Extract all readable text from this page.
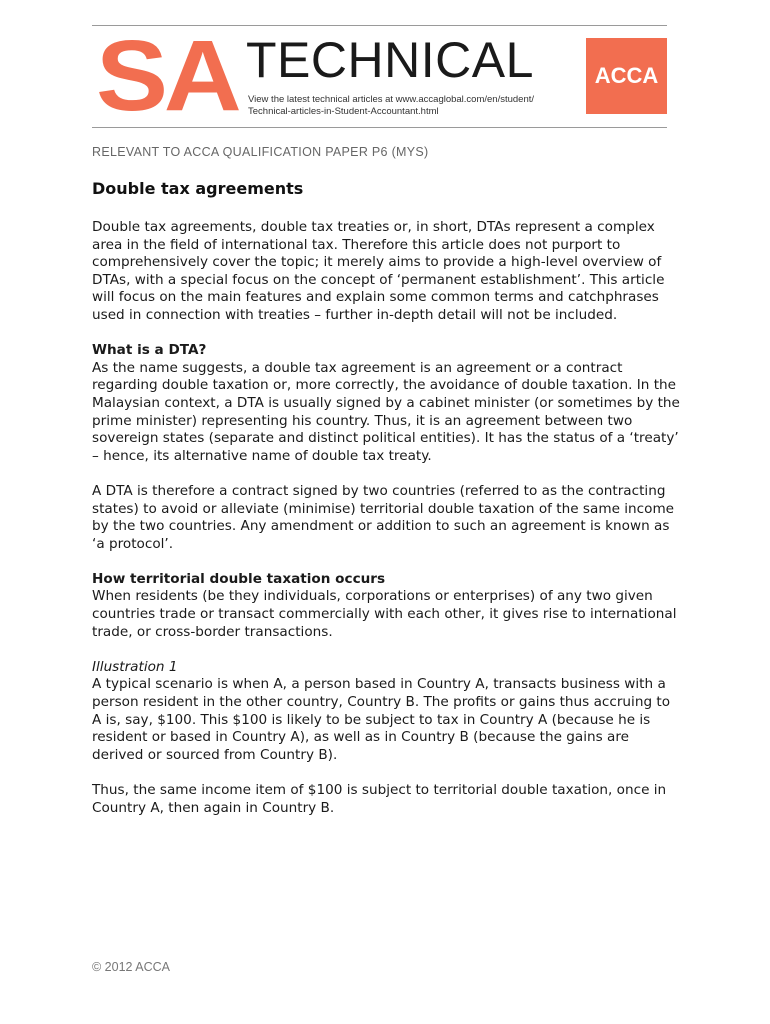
SA TECHNICAL
View the latest technical articles at www.accaglobal.com/en/student/ Technical-articles-in-Student-Accountant.html
ACCA
RELEVANT TO ACCA QUALIFICATION PAPER P6 (MYS)
Double tax agreements

Double tax agreements, double tax treaties or, in short, DTAs represent a complex area in the field of international tax. Therefore this article does not purport to comprehensively cover the topic; it merely aims to provide a high-level overview of DTAs, with a special focus on the concept of ‘permanent establishment’. This article will focus on the main features and explain some common terms and catchphrases used in connection with treaties – further in-depth detail will not be included.

What is a DTA?

As the name suggests, a double tax agreement is an agreement or a contract regarding double taxation or, more correctly, the avoidance of double taxation. In the Malaysian context, a DTA is usually signed by a cabinet minister (or sometimes by the prime minister) representing his country. Thus, it is an agreement between two sovereign states (separate and distinct political entities). It has the status of a ‘treaty’ – hence, its alternative name of double tax treaty.

A DTA is therefore a contract signed by two countries (referred to as the contracting states) to avoid or alleviate (minimise) territorial double taxation of the same income by the two countries. Any amendment or addition to such an agreement is known as ‘a protocol’.

How territorial double taxation occurs

When residents (be they individuals, corporations or enterprises) of any two given countries trade or transact commercially with each other, it gives rise to international trade, or cross-border transactions.

Illustration 1

A typical scenario is when A, a person based in Country A, transacts business with a person resident in the other country, Country B. The profits or gains thus accruing to A is, say, $100. This $100 is likely to be subject to tax in Country A (because he is resident or based in Country A), as well as in Country B (because the gains are derived or sourced from Country B).

Thus, the same income item of $100 is subject to territorial double taxation, once in Country A, then again in Country B.

© 2012 ACCA
